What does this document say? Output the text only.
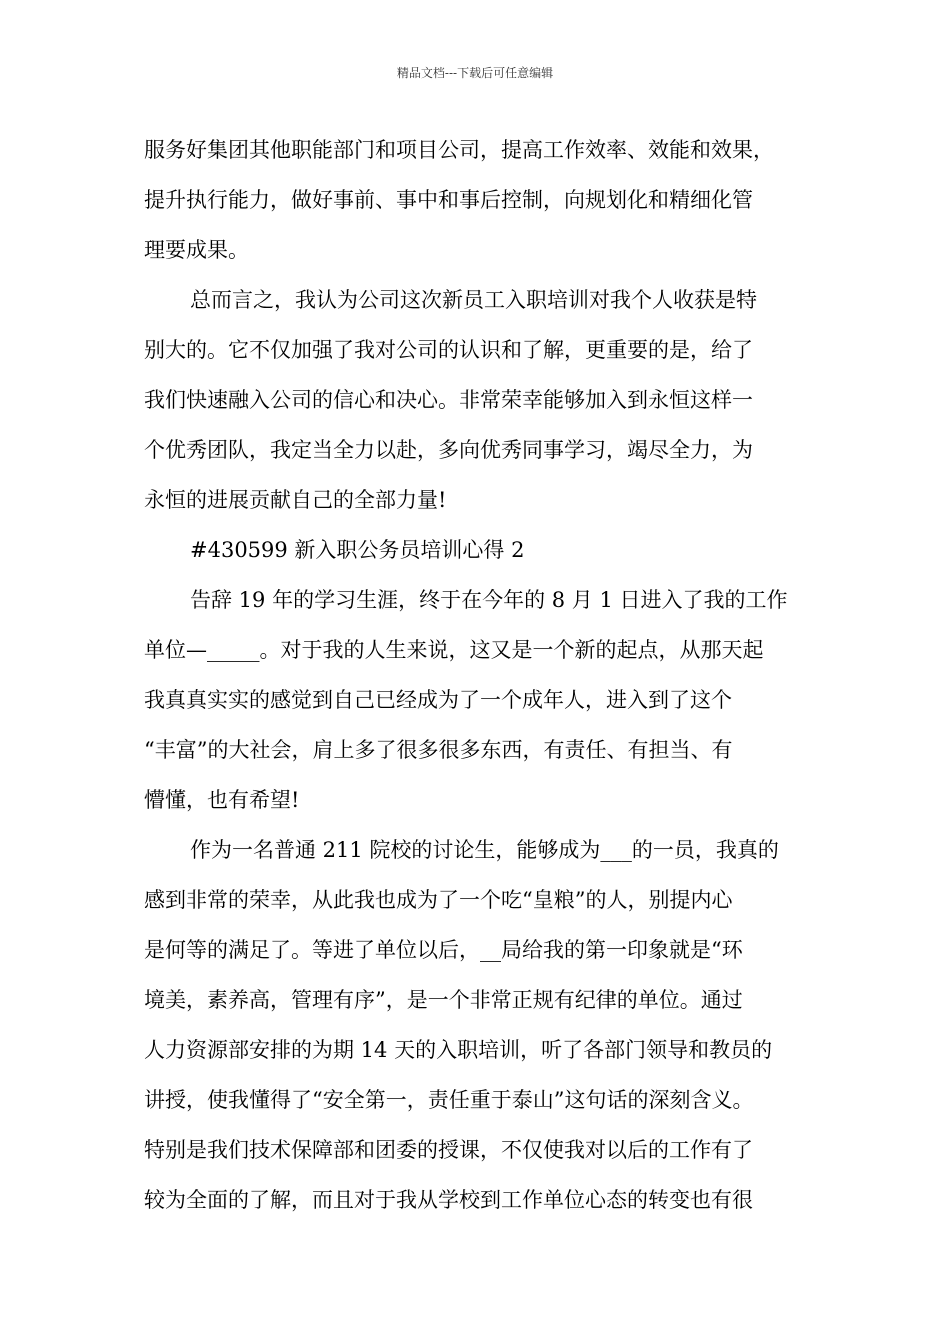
精品文档---下载后可任意编辑
服务好集团其他职能部门和项目公司，提高工作效率、效能和效果，
提升执行能力，做好事前、事中和事后控制，向规划化和精细化管
理要成果。
总而言之，我认为公司这次新员工入职培训对我个人收获是特
别大的。它不仅加强了我对公司的认识和了解，更重要的是，给了
我们快速融入公司的信心和决心。非常荣幸能够加入到永恒这样一
个优秀团队，我定当全力以赴，多向优秀同事学习，竭尽全力，为
永恒的进展贡献自己的全部力量!
#430599 新入职公务员培训心得 2
告辞 19 年的学习生涯，终于在今年的 8 月 1 日进入了我的工作
单位—_____。对于我的人生来说，这又是一个新的起点，从那天起
我真真实实的感觉到自己已经成为了一个成年人，进入到了这个
“丰富”的大社会，肩上多了很多很多东西，有责任、有担当、有
懵懂，也有希望!
作为一名普通 211 院校的讨论生，能够成为___的一员，我真的
感到非常的荣幸，从此我也成为了一个吃“皇粮”的人，别提内心
是何等的满足了。等进了单位以后，__局给我的第一印象就是“环
境美，素养高，管理有序”，是一个非常正规有纪律的单位。通过
人力资源部安排的为期 14 天的入职培训，听了各部门领导和教员的
讲授，使我懂得了“安全第一，责任重于泰山”这句话的深刻含义。
特别是我们技术保障部和团委的授课，不仅使我对以后的工作有了
较为全面的了解，而且对于我从学校到工作单位心态的转变也有很
